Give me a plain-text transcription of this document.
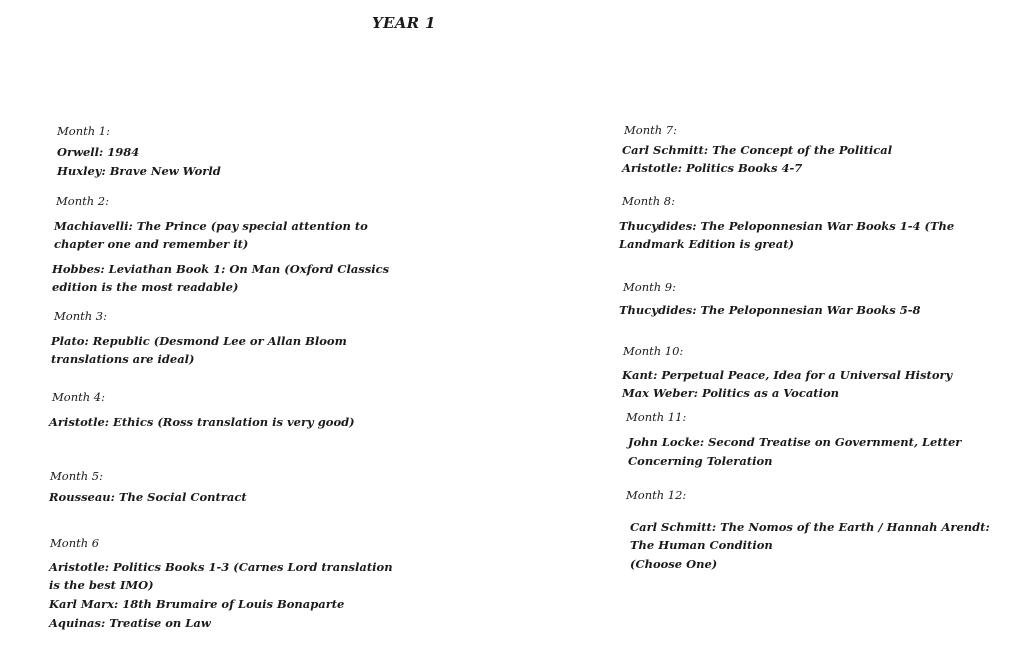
YEAR 1
Month 1:
Orwell: 1984
Huxley: Brave New World
Month 2:
Machiavelli: The Prince (pay special attention to
chapter one and remember it)
Hobbes: Leviathan Book 1: On Man (Oxford Classics
edition is the most readable)
Month 3:
Plato: Republic (Desmond Lee or Allan Bloom
translations are ideal)
Month 4:
Aristotle: Ethics (Ross translation is very good)
Month 5:
Rousseau: The Social Contract
Month 6
Aristotle: Politics Books 1-3 (Carnes Lord translation
is the best IMO)
Karl Marx: 18th Brumaire of Louis Bonaparte
Aquinas: Treatise on Law
Month 7:
Carl Schmitt: The Concept of the Political
Aristotle: Politics Books 4-7
Month 8:
Thucydides: The Peloponnesian War Books 1-4 (The
Landmark Edition is great)
Month 9:
Thucydides: The Peloponnesian War Books 5-8
Month 10:
Kant: Perpetual Peace, Idea for a Universal History
Max Weber: Politics as a Vocation
Month 11:
John Locke: Second Treatise on Government, Letter
Concerning Toleration
Month 12:
Carl Schmitt: The Nomos of the Earth / Hannah Arendt:
The Human Condition
(Choose One)
